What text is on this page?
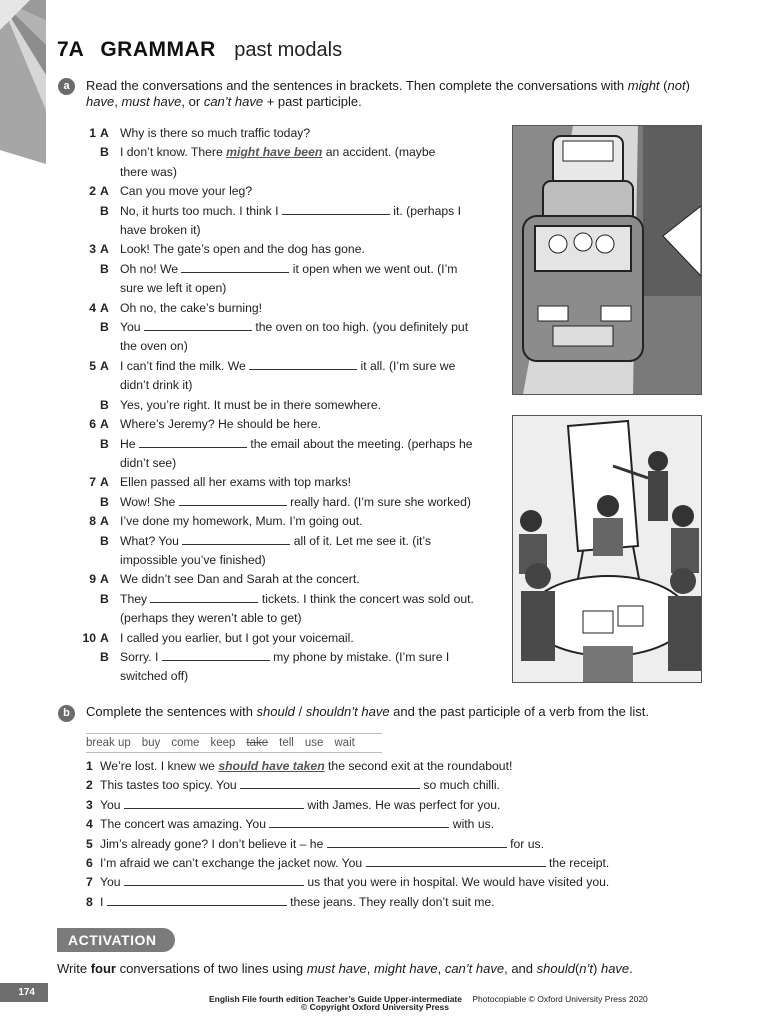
7A GRAMMAR past modals
a	Read the conversations and the sentences in brackets. Then complete the conversations with might (not) have, must have, or can’t have + past participle.
1 A Why is there so much traffic today?
B I don’t know. There might have been an accident. (maybe
there was)
2 A Can you move your leg?
B No, it hurts too much. I think I	it. (perhaps I
have broken it)
3 A Look! The gate’s open and the dog has gone.
B Oh no! We	it open when we went out. (I’m
sure we left it open)
4 A Oh no, the cake’s burning!
B You	the oven on too high. (you definitely put
the oven on)
5 A I can’t find the milk. We	it all. (I’m sure we
didn’t drink it)
B Yes, you’re right. It must be in there somewhere.
6 A Where’s Jeremy? He should be here.
B He	the email about the meeting. (perhaps he
didn’t see)
7 A Ellen passed all her exams with top marks!
B Wow! She	really hard. (I’m sure she worked)
8 A I’ve done my homework, Mum. I’m going out.
B What? You	all of it. Let me see it. (it’s
impossible you’ve finished)
9 A We didn’t see Dan and Sarah at the concert.
B They	tickets. I think the concert was sold out.
(perhaps they weren’t able to get)
10 A I called you earlier, but I got your voicemail.
B Sorry. I	my phone by mistake. (I’m sure I
switched off)
b	Complete the sentences with should / shouldn’t have and the past participle of a verb from the list.
break up buy come keep take tell use wait
1 We’re lost. I knew we should have taken the second exit at the roundabout!
2 This tastes too spicy. You	so much chilli.
3 You	with James. He was perfect for you.
4 The concert was amazing. You	with us.
5 Jim’s already gone? I don’t believe it – he	for us.
6 I’m afraid we can’t exchange the jacket now. You	the receipt.
7 You	us that you were in hospital. We would have visited you.
8 I	these jeans. They really don’t suit me.
ACTIVATION
Write four conversations of two lines using must have, might have, can’t have, and should(n’t) have.
174
English File fourth edition Teacher’s Guide Upper-intermediate Photocopiable © Oxford University Press 2020
© Copyright Oxford University Press
